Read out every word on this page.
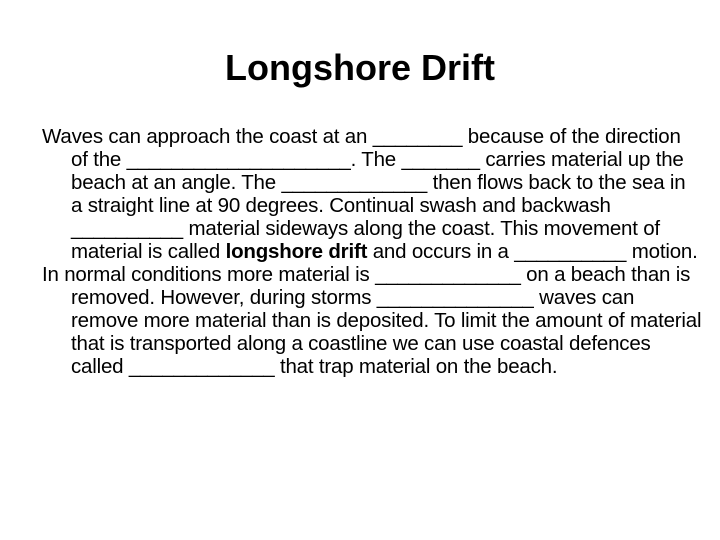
Longshore Drift

Waves can approach the coast at an ________ because of the direction of the ____________________. The _______ carries material up the beach at an angle. The _____________ then flows back to the sea in a straight line at 90 degrees. Continual swash and backwash __________ material sideways along the coast. This movement of material is called longshore drift and occurs in a __________ motion.

In normal conditions more material is _____________ on a beach than is removed. However, during storms ______________ waves can remove more material than is deposited. To limit the amount of material that is transported along a coastline we can use coastal defences called _____________ that trap material on the beach.
